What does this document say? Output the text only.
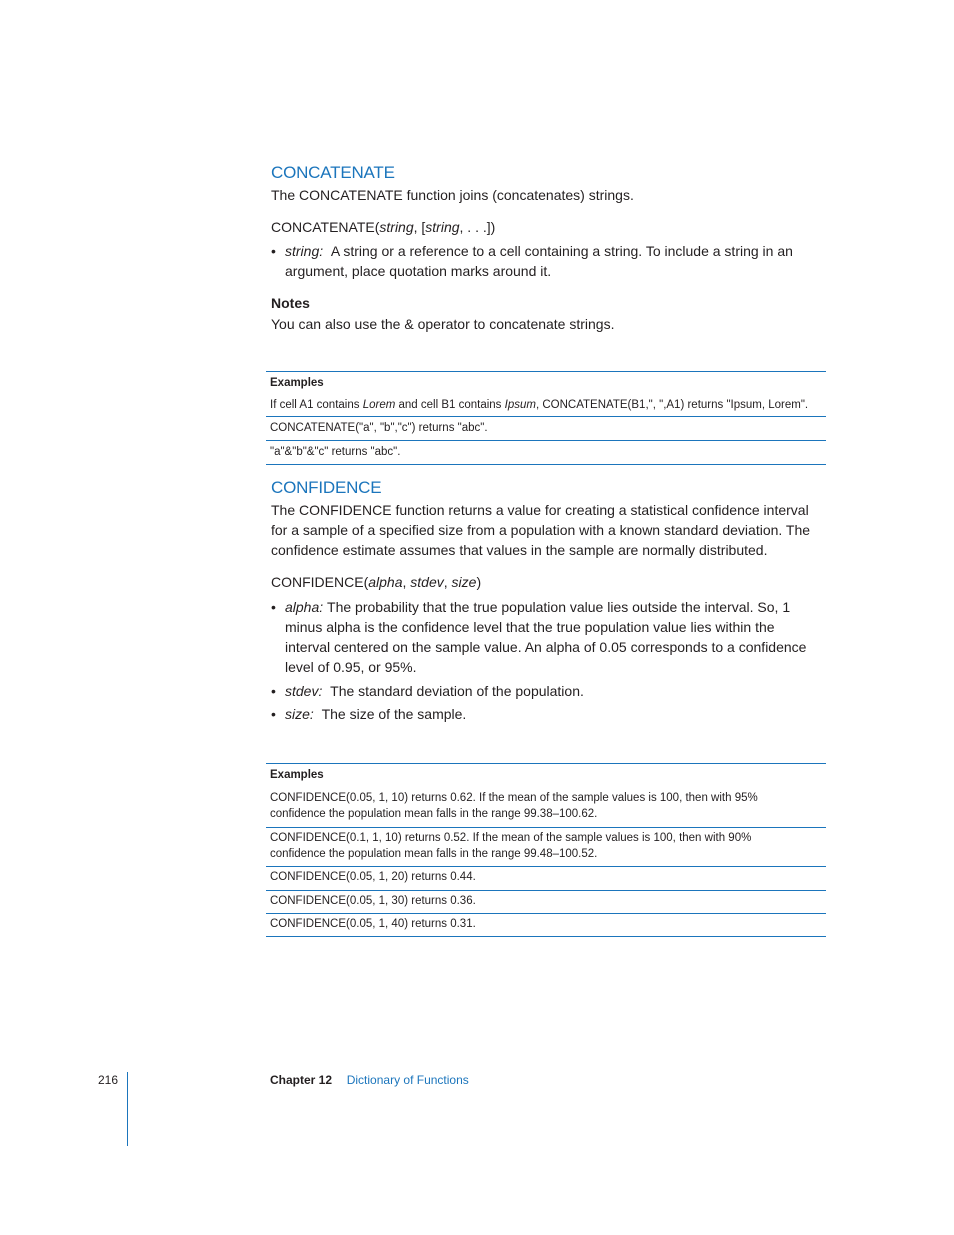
CONCATENATE
The CONCATENATE function joins (concatenates) strings.
CONCATENATE(string, [string, . . .])
• string: A string or a reference to a cell containing a string. To include a string in an
argument, place quotation marks around it.
Notes
You can also use the & operator to concatenate strings.
Examples
If cell A1 contains Lorem and cell B1 contains Ipsum, CONCATENATE(B1,", ",A1) returns "Ipsum, Lorem".
CONCATENATE("a", "b","c") returns "abc".
"a"&"b"&"c" returns "abc".
CONFIDENCE
The CONFIDENCE function returns a value for creating a statistical confidence interval
for a sample of a specified size from a population with a known standard deviation. The
confidence estimate assumes that values in the sample are normally distributed.
CONFIDENCE(alpha, stdev, size)
• alpha: The probability that the true population value lies outside the interval. So, 1
minus alpha is the confidence level that the true population value lies within the
interval centered on the sample value. An alpha of 0.05 corresponds to a confidence
level of 0.95, or 95%.
• stdev: The standard deviation of the population.
• size: The size of the sample.
Examples
CONFIDENCE(0.05, 1, 10) returns 0.62. If the mean of the sample values is 100, then with 95%
confidence the population mean falls in the range 99.38–100.62.
CONFIDENCE(0.1, 1, 10) returns 0.52. If the mean of the sample values is 100, then with 90%
confidence the population mean falls in the range 99.48–100.52.
CONFIDENCE(0.05, 1, 20) returns 0.44.
CONFIDENCE(0.05, 1, 30) returns 0.36.
CONFIDENCE(0.05, 1, 40) returns 0.31.
216	Chapter 12 Dictionary of Functions
